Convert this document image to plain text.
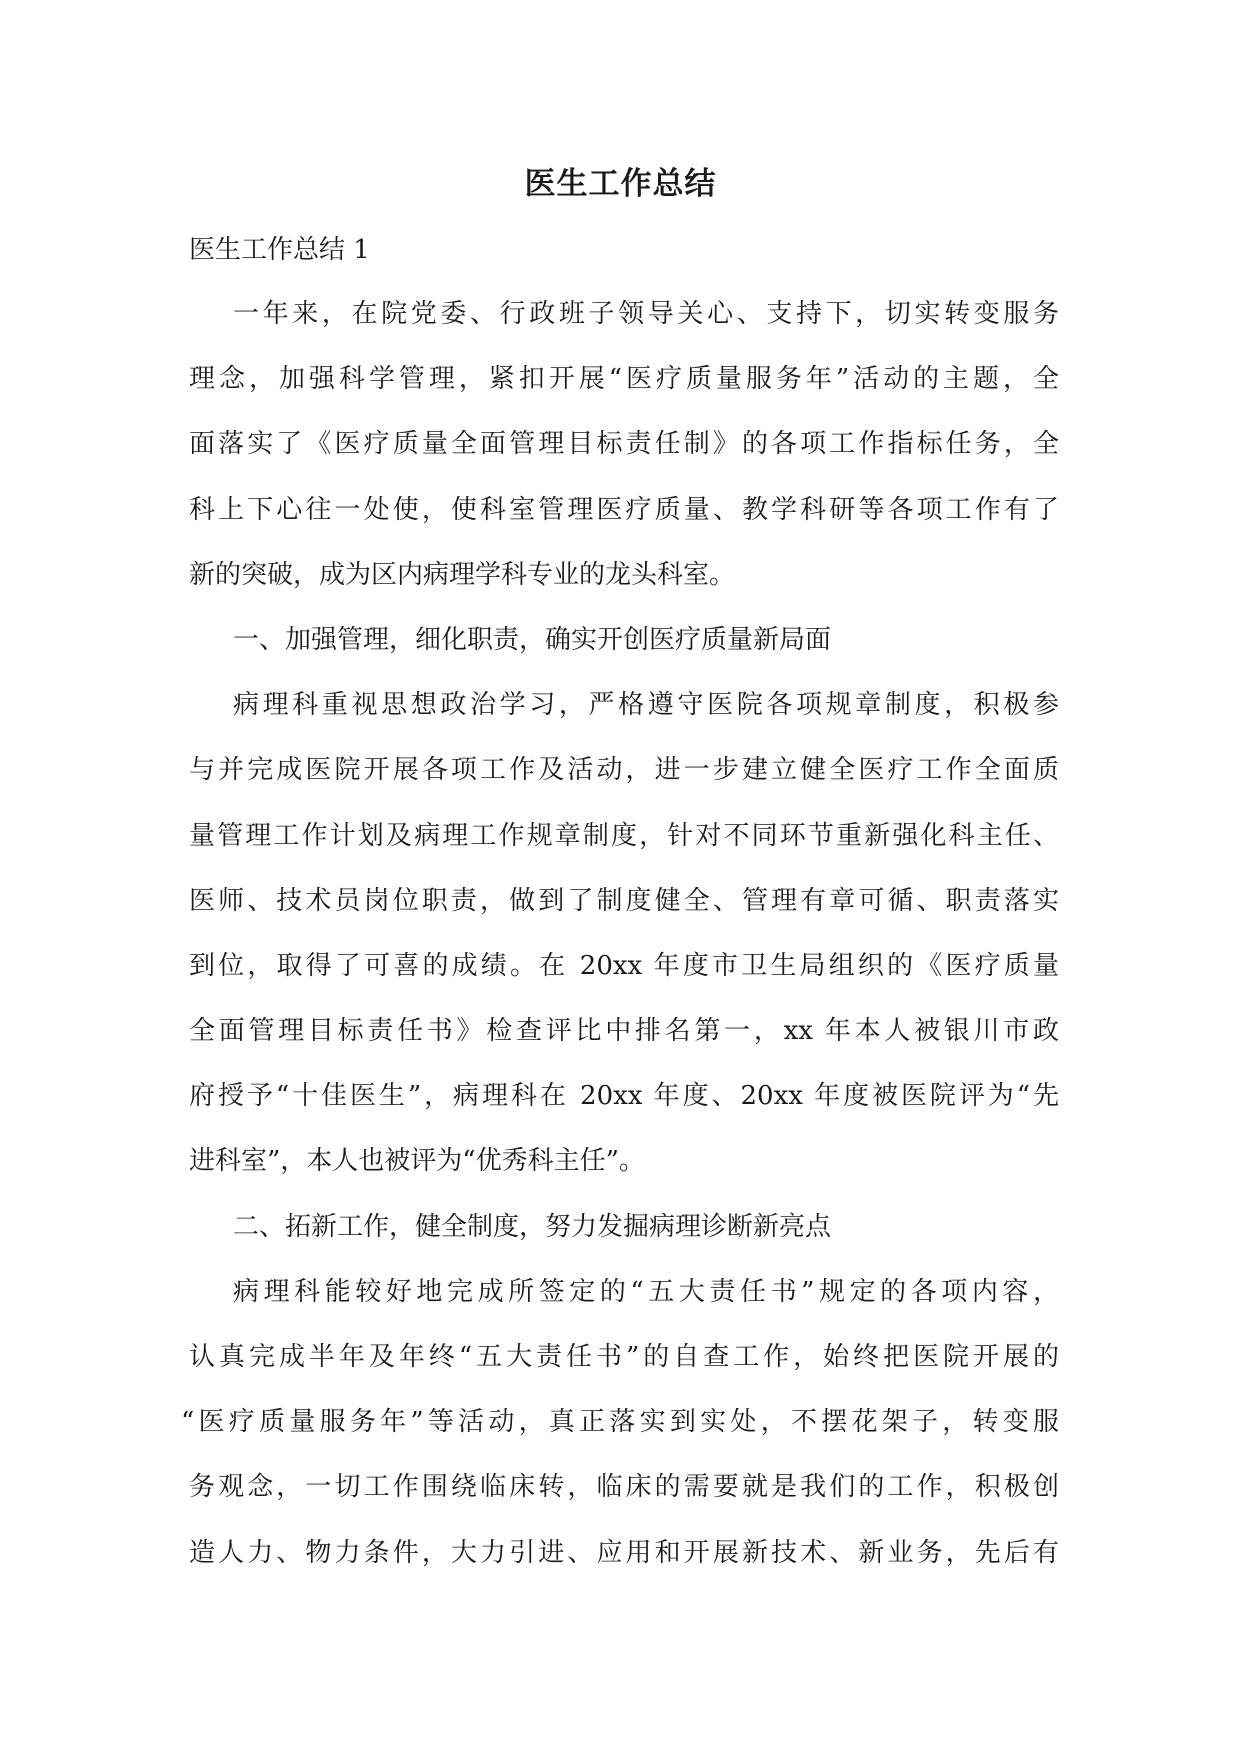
医生工作总结
医生工作总结 1
一年来，在院党委、行政班子领导关心、支持下，切实转变服务
理念，加强科学管理，紧扣开展“医疗质量服务年”活动的主题，全
面落实了《医疗质量全面管理目标责任制》的各项工作指标任务，全
科上下心往一处使，使科室管理医疗质量、教学科研等各项工作有了
新的突破，成为区内病理学科专业的龙头科室。
一、加强管理，细化职责，确实开创医疗质量新局面
病理科重视思想政治学习，严格遵守医院各项规章制度，积极参
与并完成医院开展各项工作及活动，进一步建立健全医疗工作全面质
量管理工作计划及病理工作规章制度，针对不同环节重新强化科主任、
医师、技术员岗位职责，做到了制度健全、管理有章可循、职责落实
到位，取得了可喜的成绩。在 20xx 年度市卫生局组织的《医疗质量
全面管理目标责任书》检查评比中排名第一，xx 年本人被银川市政
府授予“十佳医生”，病理科在 20xx 年度、20xx 年度被医院评为“先
进科室”，本人也被评为“优秀科主任”。
二、拓新工作，健全制度，努力发掘病理诊断新亮点
病理科能较好地完成所签定的“五大责任书”规定的各项内容，
认真完成半年及年终“五大责任书”的自查工作，始终把医院开展的
“医疗质量服务年”等活动，真正落实到实处，不摆花架子，转变服
务观念，一切工作围绕临床转，临床的需要就是我们的工作，积极创
造人力、物力条件，大力引进、应用和开展新技术、新业务，先后有
